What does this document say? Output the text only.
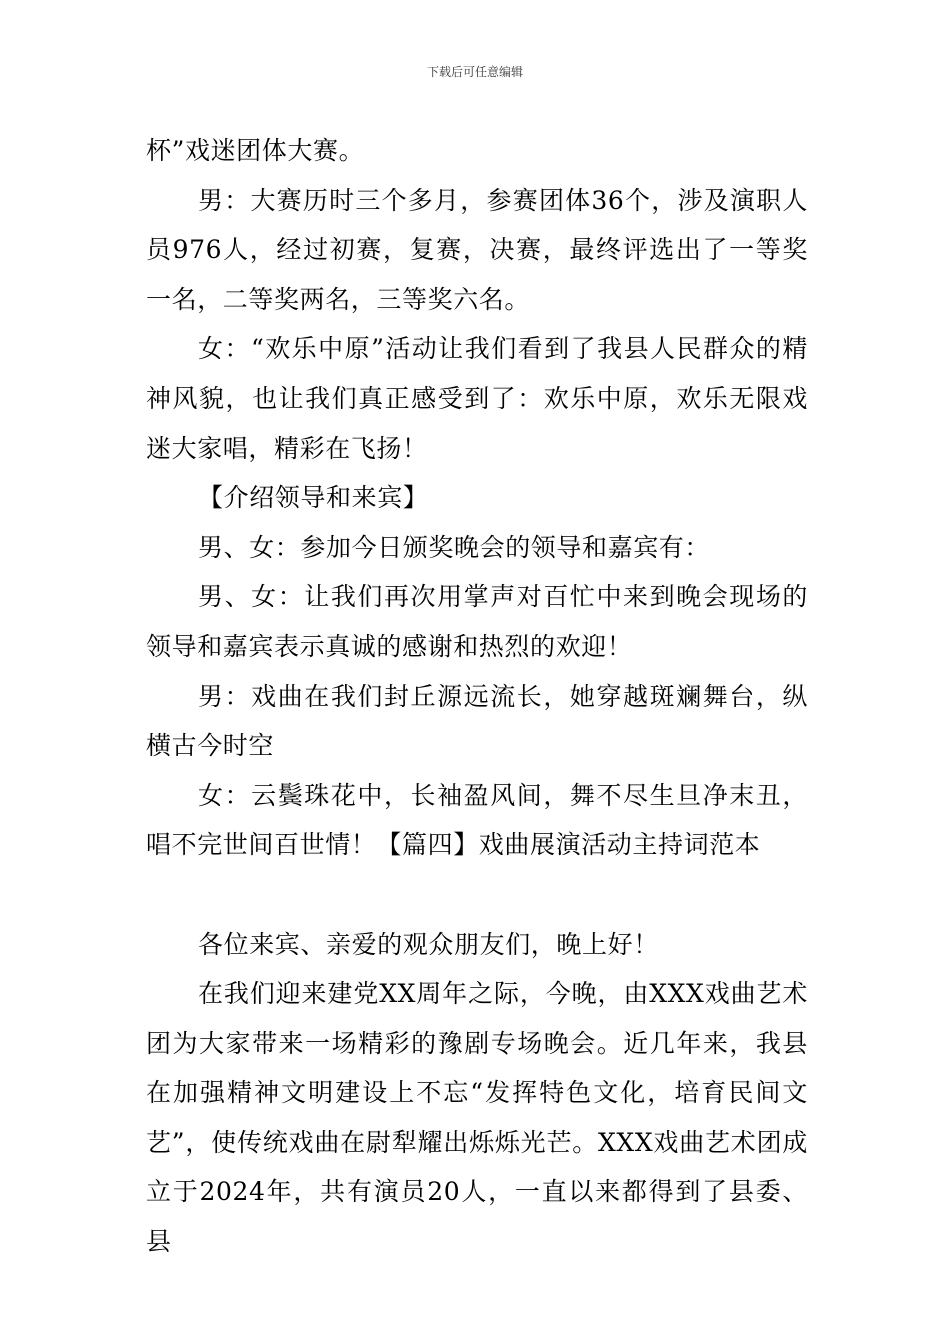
下载后可任意编辑

杯”戏迷团体大赛。

男：大赛历时三个多月，参赛团体36个，涉及演职人员976人，经过初赛，复赛，决赛，最终评选出了一等奖一名，二等奖两名，三等奖六名。

女：“欢乐中原”活动让我们看到了我县人民群众的精神风貌，也让我们真正感受到了：欢乐中原，欢乐无限戏迷大家唱，精彩在飞扬！

【介绍领导和来宾】

男、女：参加今日颁奖晚会的领导和嘉宾有：

男、女：让我们再次用掌声对百忙中来到晚会现场的领导和嘉宾表示真诚的感谢和热烈的欢迎！

男：戏曲在我们封丘源远流长，她穿越斑斓舞台，纵横古今时空

女：云鬓珠花中，长袖盈风间，舞不尽生旦净末丑，唱不完世间百世情！【篇四】戏曲展演活动主持词范本

各位来宾、亲爱的观众朋友们，晚上好！

在我们迎来建党XX周年之际，今晚，由XXX戏曲艺术团为大家带来一场精彩的豫剧专场晚会。近几年来，我县在加强精神文明建设上不忘“发挥特色文化，培育民间文艺”，使传统戏曲在尉犁耀出烁烁光芒。XXX戏曲艺术团成立于2024年，共有演员20人，一直以来都得到了县委、县
